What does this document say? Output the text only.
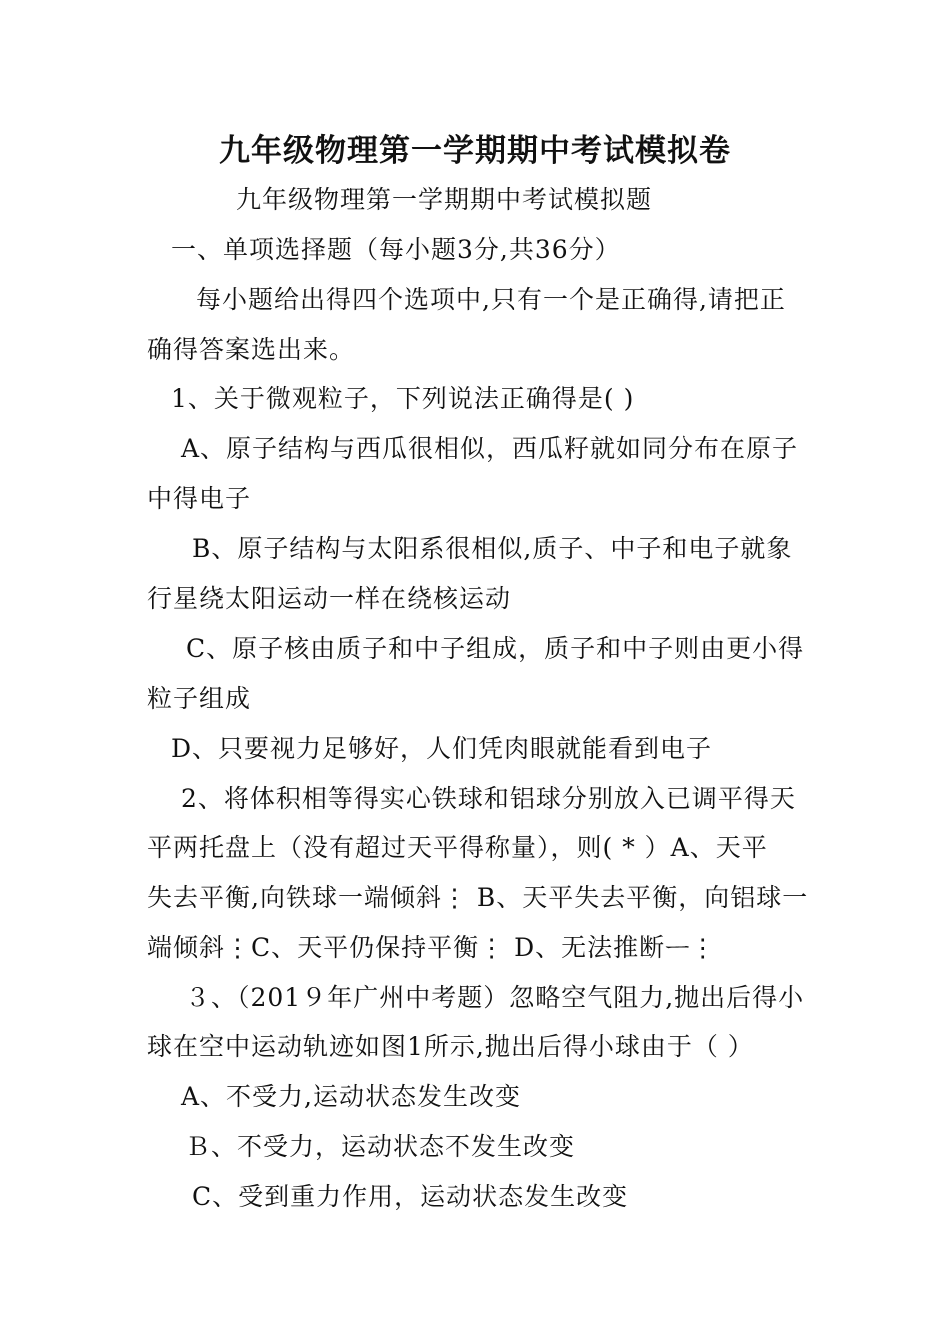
九年级物理第一学期期中考试模拟卷
九年级物理第一学期期中考试模拟题
一、单项选择题（每小题3分,共36分）
每小题给出得四个选项中,只有一个是正确得,请把正
确得答案选出来。
1、关于微观粒子，下列说法正确得是( )
A、原子结构与西瓜很相似，西瓜籽就如同分布在原子
中得电子
B、原子结构与太阳系很相似,质子、中子和电子就象
行星绕太阳运动一样在绕核运动
C、原子核由质子和中子组成，质子和中子则由更小得
粒子组成
D、只要视力足够好，人们凭肉眼就能看到电子
2、将体积相等得实心铁球和铝球分别放入已调平得天
平两托盘上（没有超过天平得称量），则( * ）A、天平
失去平衡,向铁球一端倾斜⋮ B、天平失去平衡，向铝球一
端倾斜⋮C、天平仍保持平衡⋮ D、无法推断ᅳ⋮
３、（201９年广州中考题）忽略空气阻力,抛出后得小
球在空中运动轨迹如图1所示,抛出后得小球由于（ ）
A、不受力,运动状态发生改变
Ｂ、不受力，运动状态不发生改变
C、受到重力作用，运动状态发生改变
